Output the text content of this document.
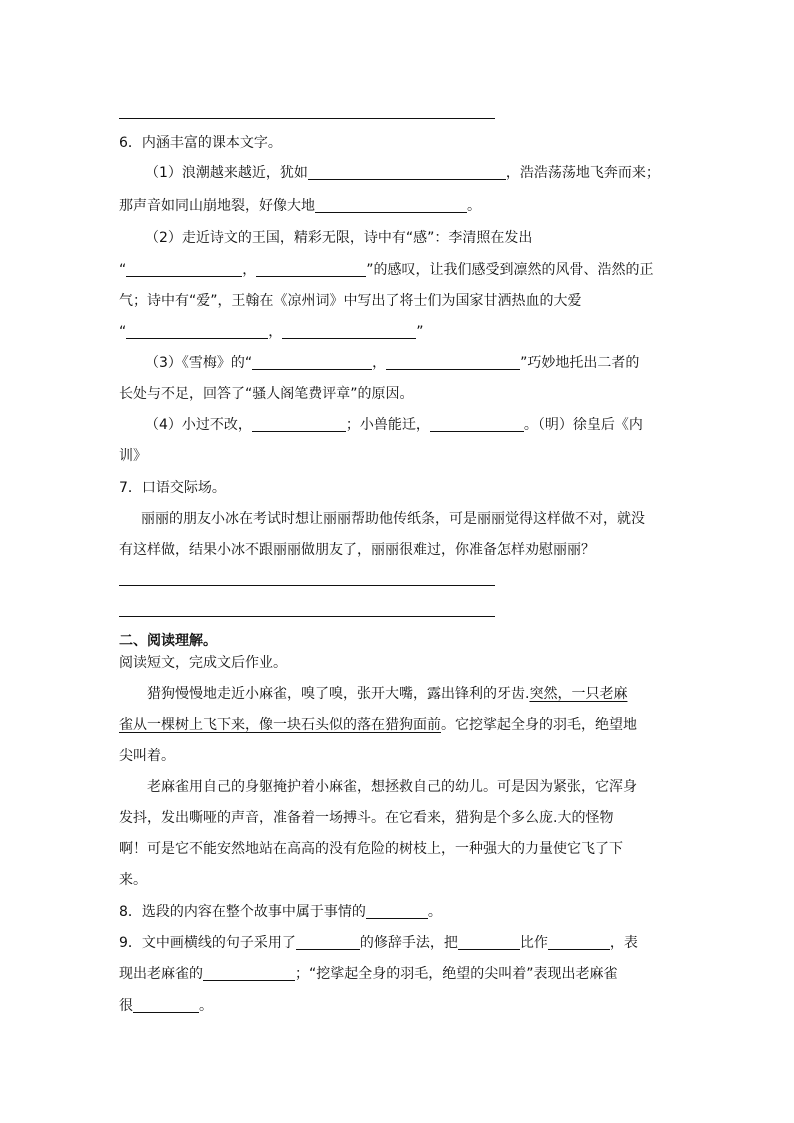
6．内涵丰富的课本文字。
（1）浪潮越来越近，犹如	，浩浩荡荡地飞奔而来；
那声音如同山崩地裂，好像大地	。
（2）走近诗文的王国，精彩无限，诗中有“感”：李清照在发出
“	，	”的感叹，让我们感受到凛然的风骨、浩然的正
气；诗中有“爱”，王翰在《凉州词》中写出了将士们为国家甘洒热血的大爱
“	，	”
（3）《雪梅》的“	，	”巧妙地托出二者的
长处与不足，回答了“骚人阁笔费评章”的原因。
（4）小过不改，	；小兽能迁，	。（明）徐皇后《内
训》
7．口语交际场。
丽丽的朋友小冰在考试时想让丽丽帮助他传纸条，可是丽丽觉得这样做不对，就没
有这样做，结果小冰不跟丽丽做朋友了，丽丽很难过，你准备怎样劝慰丽丽？
二、阅读理解。
阅读短文，完成文后作业。
猎狗慢慢地走近小麻雀，嗅了嗅，张开大嘴，露出锋利的牙齿.突然，一只老麻
雀从一棵树上飞下来，像一块石头似的落在猎狗面前。它挖挲起全身的羽毛，绝望地
尖叫着。
老麻雀用自己的身躯掩护着小麻雀，想拯救自己的幼儿。可是因为紧张，它浑身
发抖，发出嘶哑的声音，准备着一场搏斗。在它看来，猎狗是个多么庞.大的怪物
啊！可是它不能安然地站在高高的没有危险的树枝上，一种强大的力量使它飞了下
来。
8．选段的内容在整个故事中属于事情的	。
9．文中画横线的句子采用了	的修辞手法，把	比作	，表
现出老麻雀的	；“挖挲起全身的羽毛，绝望的尖叫着”表现出老麻雀
很	。
